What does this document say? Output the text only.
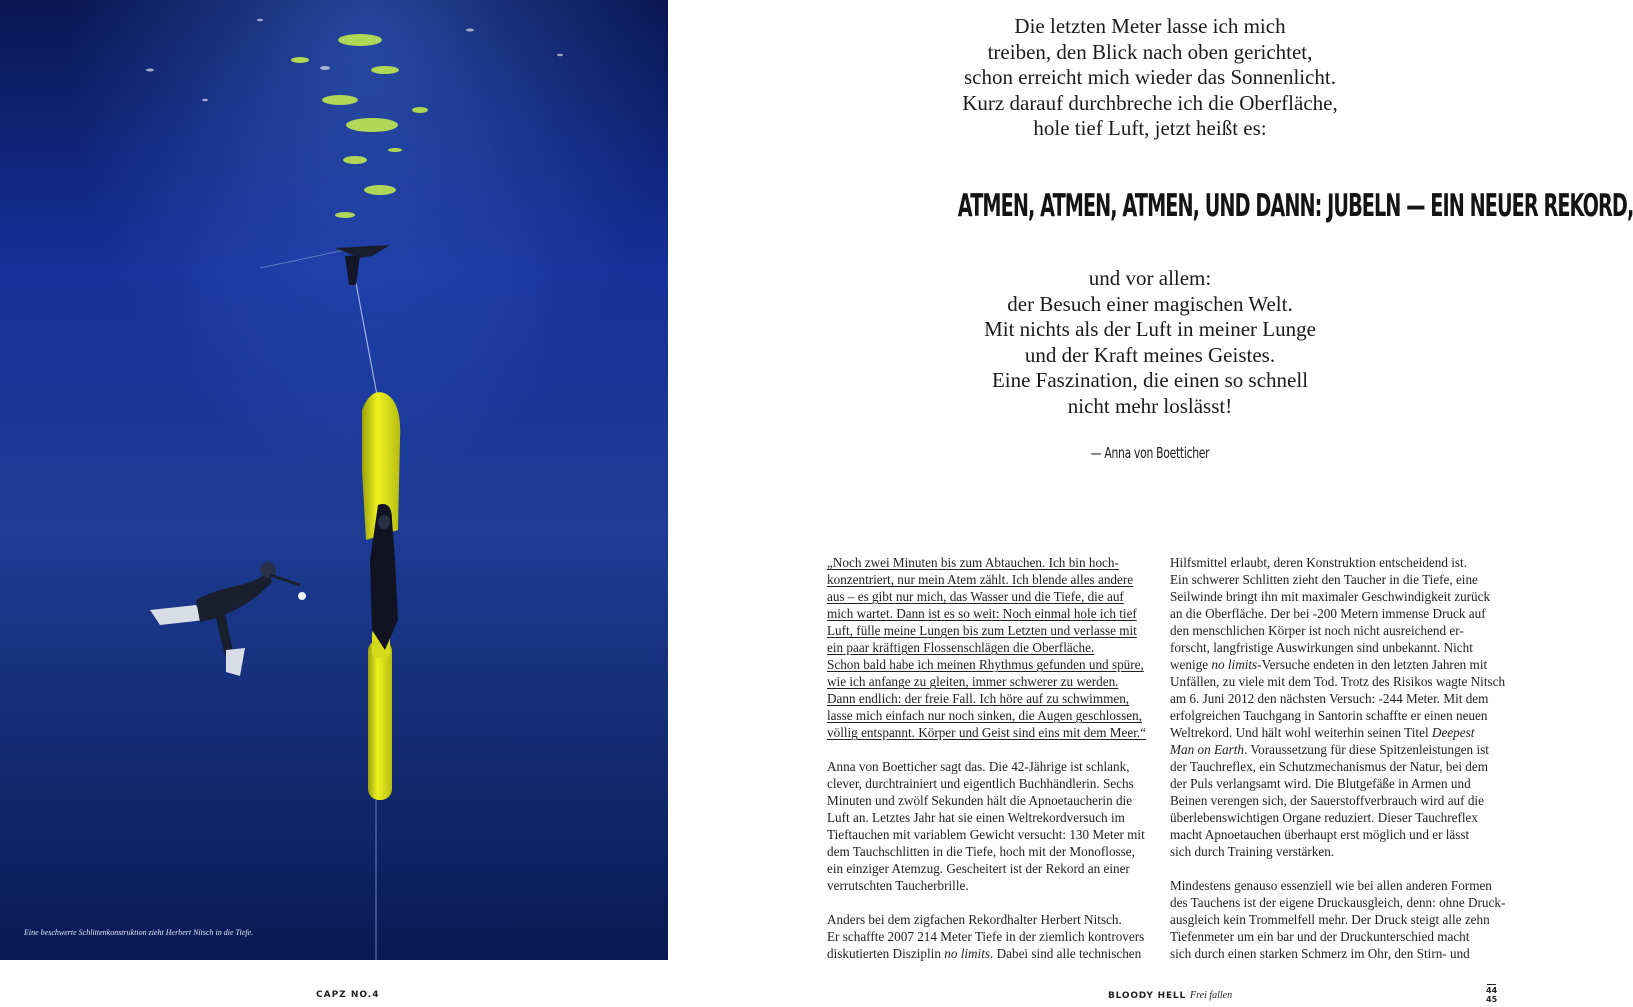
Eine beschwerte Schlittenkonstruktion zieht Herbert Nitsch in die Tiefe.
Die letzten Meter lasse ich mich
treiben, den Blick nach oben gerichtet,
schon erreicht mich wieder das Sonnenlicht.
Kurz darauf durchbreche ich die Oberfläche,
hole tief Luft, jetzt heißt es:
ATMEN, ATMEN, ATMEN, UND DANN: JUBELN — EIN NEUER REKORD,
und vor allem:
der Besuch einer magischen Welt.
Mit nichts als der Luft in meiner Lunge
und der Kraft meines Geistes.
Eine Faszination, die einen so schnell
nicht mehr loslässt!
— Anna von Boetticher
„Noch zwei Minuten bis zum Abtauchen. Ich bin hoch-
konzentriert, nur mein Atem zählt. Ich blende alles andere
aus – es gibt nur mich, das Wasser und die Tiefe, die auf
mich wartet. Dann ist es so weit: Noch einmal hole ich tief
Luft, fülle meine Lungen bis zum Letzten und verlasse mit
ein paar kräftigen Flossenschlägen die Oberfläche.
Schon bald habe ich meinen Rhythmus gefunden und spüre,
wie ich anfange zu gleiten, immer schwerer zu werden.
Dann endlich: der freie Fall. Ich höre auf zu schwimmen,
lasse mich einfach nur noch sinken, die Augen geschlossen,
völlig entspannt. Körper und Geist sind eins mit dem Meer.“
Anna von Boetticher sagt das. Die 42-Jährige ist schlank,
clever, durchtrainiert und eigentlich Buchhändlerin. Sechs
Minuten und zwölf Sekunden hält die Apnoetaucherin die
Luft an. Letztes Jahr hat sie einen Weltrekordversuch im
Tieftauchen mit variablem Gewicht versucht: 130 Meter mit
dem Tauchschlitten in die Tiefe, hoch mit der Monoflosse,
ein einziger Atemzug. Gescheitert ist der Rekord an einer
verrutschten Taucherbrille.
Anders bei dem zigfachen Rekordhalter Herbert Nitsch.
Er schaffte 2007 214 Meter Tiefe in der ziemlich kontrovers
diskutierten Disziplin no limits. Dabei sind alle technischen
Hilfsmittel erlaubt, deren Konstruktion entscheidend ist.
Ein schwerer Schlitten zieht den Taucher in die Tiefe, eine
Seilwinde bringt ihn mit maximaler Geschwindigkeit zurück
an die Oberfläche. Der bei -200 Metern immense Druck auf
den menschlichen Körper ist noch nicht ausreichend er-
forscht, langfristige Auswirkungen sind unbekannt. Nicht
wenige no limits-Versuche endeten in den letzten Jahren mit
Unfällen, zu viele mit dem Tod. Trotz des Risikos wagte Nitsch
am 6. Juni 2012 den nächsten Versuch: -244 Meter. Mit dem
erfolgreichen Tauchgang in Santorin schaffte er einen neuen
Weltrekord. Und hält wohl weiterhin seinen Titel Deepest
Man on Earth. Voraussetzung für diese Spitzenleistungen ist
der Tauchreflex, ein Schutzmechanismus der Natur, bei dem
der Puls verlangsamt wird. Die Blutgefäße in Armen und
Beinen verengen sich, der Sauerstoffverbrauch wird auf die
überlebenswichtigen Organe reduziert. Dieser Tauchreflex
macht Apnoetauchen überhaupt erst möglich und er lässt
sich durch Training verstärken.
Mindestens genauso essenziell wie bei allen anderen Formen
des Tauchens ist der eigene Druckausgleich, denn: ohne Druck-
ausgleich kein Trommelfell mehr. Der Druck steigt alle zehn
Tiefenmeter um ein bar und der Druckunterschied macht
sich durch einen starken Schmerz im Ohr, den Stirn- und
CAPZ NO.4	BLOODY HELL Frei fallen	44
45
